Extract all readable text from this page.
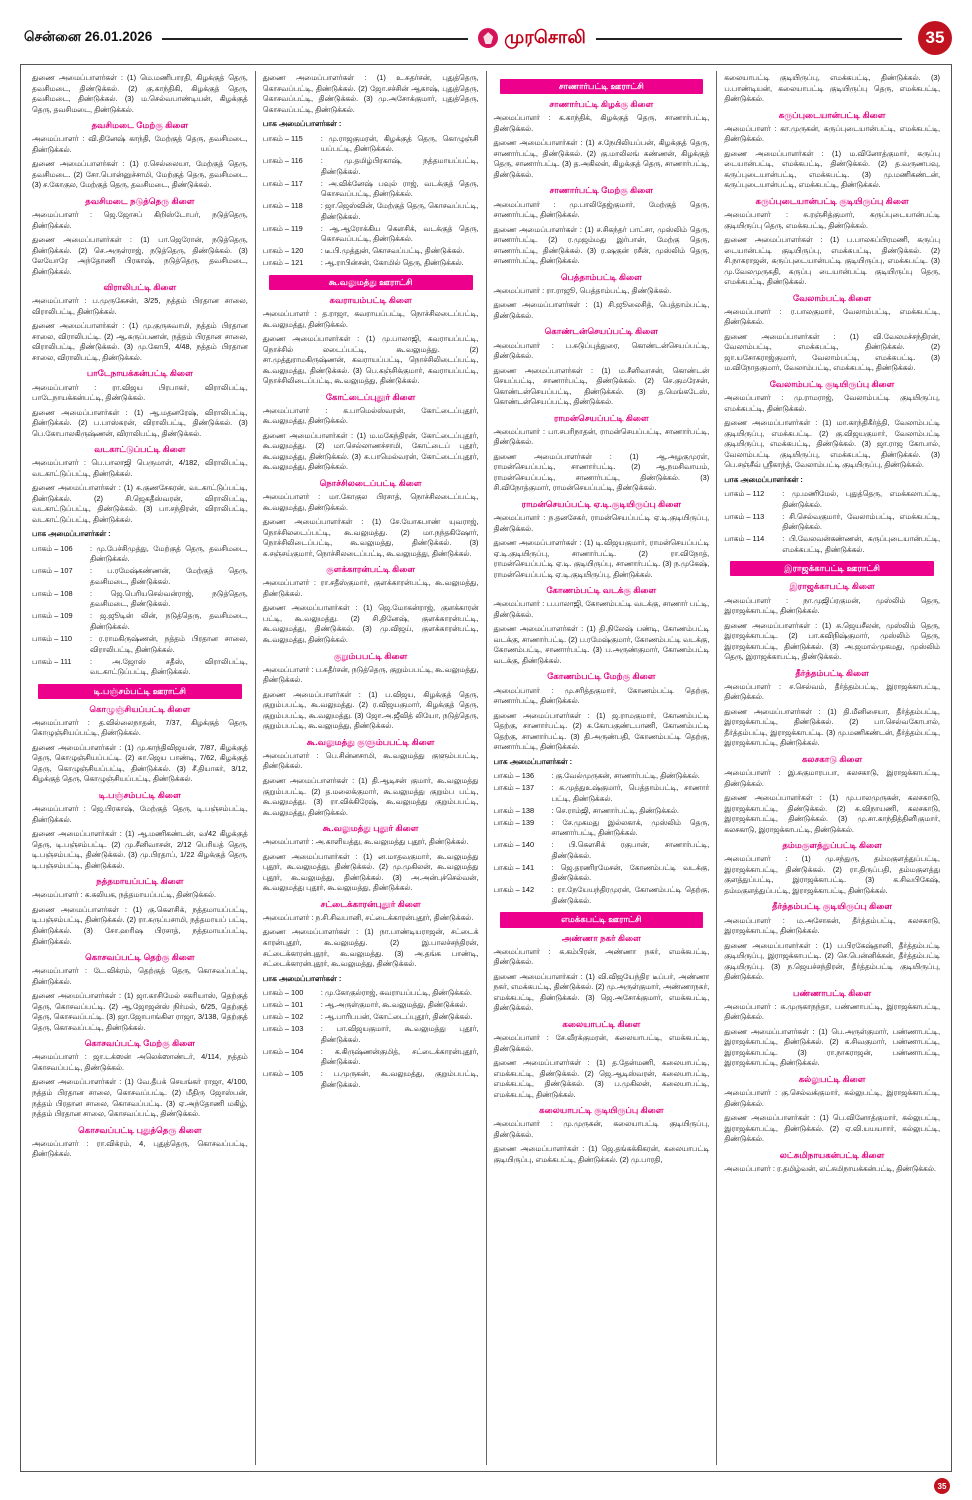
சென்னை 26.01.2026	முரசொலி	35
துணை அமைப்பாளர்கள் : (1) மெ.மணிபாரதி, கிழக்குத் தெரு, தவசிமடை, திண்டுக்கல். (2) கு.காந்திகி, கிழக்குத் தெரு, தவசிமடை, திண்டுக்கல். (3) ம.செல்வபாண்டியன், கிழக்குத் தெரு, தவசிமடை, திண்டுக்கல்.
தவசிமடை மேற்கு கிளை
அமைப்பாளர் : வி.தினேஷ் காந்தி, மேற்குத் தெரு, தவசிமடை, திண்டுக்கல்.
துணை அமைப்பாளர்கள் : (1) ர.செல்லையா, மேற்குத் தெரு, தவசிமடை. (2) சோ.பொன்னுச்சாமி, மேற்குத் தெரு, தவசிமடை. (3) ச.கோகுல, மேற்குத் தெரு, தவசிமடை, திண்டுக்கல்.
தவசிமடை நடுத்தெரு கிளை
அமைப்பாளர் : ஜெ.ஜோசப் கிறிஸ்டோபர், நடுத்தெரு, திண்டுக்கல்.
துணை அமைப்பாளர்கள் : (1) பா.ஜெரோன், நடுத்தெரு, திண்டுக்கல். (2) செ.அருள்ராஜ், நடுத்தெரு, திண்டுக்கல். (3) லேயோரே அந்தோணி பிரகாஷ், நடுத்தெரு, தவசிமடை, திண்டுக்கல்.
விராலிபட்டி கிளை
அமைப்பாளர் : ப.முருகேசன், 3/25, நத்தம் பிரதான சாலை, விராலிபட்டி, திண்டுக்கல்.
துணை அமைப்பாளர்கள் : (1) மு.குருசுவாமி, நத்தம் பிரதான சாலை, விராலிபட்டி. (2) ஆ.கருப்பணன், நத்தம் பிரதான சாலை, விராலிபட்டி, திண்டுக்கல். (3) மு.கோபி, 4/48, நத்தம் பிரதான சாலை, விராலிபட்டி, திண்டுக்கல்.
பாடேநாயக்கன்பட்டி கிளை
அமைப்பாளர் : ரா.விஜய பிரபாகர், விராலிபட்டி, பாடேநாயக்கன்பட்டி, திண்டுக்கல்.
துணை அமைப்பாளர்கள் : (1) ஆ.மதனரேஷ், விராலிபட்டி, திண்டுக்கல். (2) ப.பாஸ்கரன், விராலிபட்டி, திண்டுக்கல். (3) பெ.கோபாலகிருஷ்ணன், விராலிபட்டி, திண்டுக்கல்.
வடகாட்டுப்பட்டி கிளை
அமைப்பாளர் : பெ.பாலாஜி பெருமாள், 4/182, விராலிபட்டி, வடகாட்டுப்பட்டி, திண்டுக்கல்.
துணை அமைப்பாளர்கள் : (1) சு.குணசேகரன், வடகாட்டுப்பட்டி, திண்டுக்கல். (2) சி.ஜெகதீஸ்வரன், விராலிபட்டி, வடகாட்டுப்பட்டி, திண்டுக்கல். (3) பா.சந்திரன், விராலிபட்டி, வடகாட்டுப்பட்டி, திண்டுக்கல்.
பாக அமைப்பாளர்கள் :
பாகம் – 106	: மு.பேச்சிமுத்து, மேற்குத் தெரு, தவசிமடை, திண்டுக்கல்.
பாகம் – 107	: ப.ரமேஷ்கண்ணன், மேற்குத் தெரு, தவசிமடை, திண்டுக்கல்.
பாகம் – 108	: ஜெ.பெரியசெல்வன்ராஜ், நடுத்தெரு, தவசிமடை, திண்டுக்கல்.
பாகம் – 109	: ஜ.ஜூடின் லின், நடுத்தெரு, தவசிமடை, திண்டுக்கல்.
பாகம் – 110	: ர.ராமகிருஷ்ணன், நத்தம் பிரதான சாலை, விராலிபட்டி, திண்டுக்கல்.
பாகம் – 111	: அ.ஜோஸ் சதீஸ், விராலிபட்டி, வடகாட்டுப்பட்டி, திண்டுக்கல்.
டி.பஞ்சம்பட்டி ஊராட்சி
கொழுஞ்சியப்பட்டி கிளை
அமைப்பாளர் : த.வில்லைநாதன், 7/37, கிழக்குத் தெரு, கொழுஞ்சியப்பட்டி, திண்டுக்கல்.
துணை அமைப்பாளர்கள் : (1) மு.காந்திவிஜயன், 7/87, கிழக்குத் தெரு, கொழுஞ்சியப்பட்டி. (2) கா.ஜெய பாண்டி, 7/62, கிழக்குத் தெரு, கொழுஞ்சியப்பட்டி, திண்டுக்கல். (3) சீ.தியாகர், 3/12, கிழக்குத் தெரு, கொழுஞ்சியப்பட்டி, திண்டுக்கல்.
டி.பஞ்சம்பட்டி கிளை
அமைப்பாளர் : ஜெ.பிரகாஷ், மேற்குத் தெரு, டி.பஞ்சம்பட்டி, திண்டுக்கல்.
துணை அமைப்பாளர்கள் : (1) ஆ.மணிகண்டன், வ/42 கிழக்குத் தெரு, டி.பஞ்சம்பட்டி. (2) மு.சீனிவாசன், 2/12 பெரியத் தெரு, டி.பஞ்சம்பட்டி, திண்டுக்கல். (3) மு.பிரதாப், 1/22 கிழக்குத் தெரு, டி.பஞ்சம்பட்டி, திண்டுக்கல்.
நத்தமாயப்பட்டி கிளை
அமைப்பாளர் : க.கலியக, நத்தமாயப்பட்டி, திண்டுக்கல்.
துணை அமைப்பாளர்கள் : (1) கு.கௌசிக், நத்தமாயப்பட்டி, டி.பஞ்சம்பட்டி, திண்டுக்கல். (2) ரா.சுருப்பசாமி, நத்தமாயப் பட்டி, திண்டுக்கல். (3) சோ.ஹரிஷ பிரசாத், நத்தமாயப்பட்டி, திண்டுக்கல்.
கொசவப்பட்டி தெற்கு கிளை
அமைப்பாளர் : டே.விக்ரம், தெற்குத் தெரு, கொசவப்பட்டி, திண்டுக்கல்.
துணை அமைப்பாளர்கள் : (1) ஜா.காசிமேல் சகரியாஸ், தெற்குத் தெரு, கொசவப்பட்டி. (2) ஆ.ஜோஜன்ஸ் நிர்மல், 6/25, தெற்குத் தெரு, கொசவப்பட்டி. (3) ஜா.ஜோபாங்கிள ராஜா, 3/138, தெற்குத் தெரு, கொசவப்பட்டி, திண்டுக்கல்.
கொசவப்பட்டி மேற்கு கிளை
அமைப்பாளர் : ஜா.டக்ஸன் அலெக்ஸாண்டர், 4/114, நத்தம் கொசவப்பட்டி, திண்டுக்கல்.
துணை அமைப்பாளர்கள் : (1) வே.தீபக் செயங்கர் ராஜா, 4/100, நத்தம் பிரதான சாலை, கொசவப்பட்டி. (2) மீதிரு ஜோஸ்பன், நத்தம் பிரதான சாலை, கொசவப்பட்டி. (3) ஏ.அந்தோணி மகிழ், நத்தம் பிரதான சாலை, கொசவப்பட்டி, திண்டுக்கல்.
கொசவப்பட்டி புதுத்தெரு கிளை
அமைப்பாளர் : ரா.விக்ரம், 4, புதுத்தெரு, கொசவப்பட்டி, திண்டுக்கல்.
துணை அமைப்பாளர்கள் : (1) உ.சுதர்சன், புதுத்தெரு, கொசவப்பட்டி, திண்டுக்கல். (2) ஜோ.சச்சின் ஆகாஷ், புதுத்தெரு, கொசவப்பட்டி, திண்டுக்கல். (3) மு.அசோக்குமார், புதுத்தெரு, கொசவப்பட்டி, திண்டுக்கல்.
பாக அமைப்பாளர்கள் :
பாகம் – 115	: மு.ராஜகுமரன், கிழக்குத் தெரு, கொழுஞ்சி யப்பட்டி, திண்டுக்கல்.
பாகம் – 116	: மு.தமிழ்பிரகாஷ், நத்தமாயப்பட்டி, திண்டுக்கல்.
பாகம் – 117	: அ.விக்னேஷ் பவுல் ராஜ், வடக்குத் தெரு, கொசவப்பட்டி, திண்டுக்கல்.
பாகம் – 118	: ஜா.ஜெஸ்வின், மேற்குத் தெரு, கொசவப்பட்டி, திண்டுக்கல்.
பாகம் – 119	: ஆ.ஆரோக்கிய கௌசிக், வடக்குத் தெரு, கொசவப்பட்டி, திண்டுக்கல்.
பாகம் – 120	: டீ.பி.முத்துன், கொசவப்பட்டி, திண்டுக்கல்.
பாகம் – 121	: ஆ.ராபின்சன், கோமில் தெரு, திண்டுக்கல்.
கூ.வலுமத்து ஊராட்சி
கவராயம்பட்டி கிளை
அமைப்பாளர் : த.ராஜா, கவராயப்பட்டி, நொச்சிலடைப்பட்டி, கூ.வலுமத்து, திண்டுக்கல்.
துணை அமைப்பாளர்கள் : (1) மு.பாலாஜி, கவராயப்பட்டி, நொச்சில் லடைப்பட்டி, கூ.வலுமத்து. (2) சா.முத்துராமகிருஷ்ணன், கவராயப்பட்டி, நொச்சிலிடைப்பட்டி, கூ.வலுமத்து, திண்டுக்கல். (3) பெ.கஞ்சிக்குமார், கவராயப்பட்டி, நொச்சிலிடைப்பட்டி, கூ.வலுமத்து, திண்டுக்கல்.
கோட்டைப்புதூர் கிளை
அமைப்பாளர் : க.பாமெல்ஸ்வரன், கோட்டைப்புதூர், கூ.வலுமத்து, திண்டுக்கல்.
துணை அமைப்பாளர்கள் : (1) ம.மகேந்திரன், கோட்டைப்புதூர், கூ.வலுமத்து. (2) மா.செல்லாணச்சாமி, கோட்டைப் புதூர், கூ.வலுமத்து, திண்டுக்கல். (3) சு.பாமெல்வரன், கோட்டைப்புதூர், கூ.வலுமத்து, திண்டுக்கல்.
நொச்சிலடைப்பட்டி கிளை
அமைப்பாளர் : மா.கோகுல பிரசாத், நொச்சிலடைப்பட்டி, கூ.வலுமத்து, திண்டுக்கல்.
துணை அமைப்பாளர்கள் : (1) சே.யோகபாண் யுவராஜ், நொச்சிலடைப்பட்டி, கூ.வலுமத்து. (2) மா.நந்தகிஷோர், நொச்சிலிடைப்பட்டி, கூ.வலுமத்து, திண்டுக்கல். (3) க.சஞ்சய்குமார், நொச்சிலடைப்பட்டி, கூ.வலுமத்து, திண்டுக்கல்.
குளக்காரன்பட்டி கிளை
அமைப்பாளர் : ரா.சதீஸ்குமார், குளக்காரன்பட்டி, கூ.வலுமத்து, திண்டுக்கல்.
துணை அமைப்பாளர்கள் : (1) ஜெ.மோகன்ராஜ், குளக்காரன் பட்டி, கூ.வலுமத்து. (2) சி.தினேஷ், குளக்காரன்பட்டி, கூ.வலுமத்து, திண்டுக்கல். (3) மு.விஜய், குளக்காரன்பட்டி, கூ.வலுமத்து, திண்டுக்கல்.
குறும்பபட்டி கிளை
அமைப்பாளர் : ப.சுதீர்சன், நடுத்தெரு, குறும்பபட்டி, கூ.வலுமத்து, திண்டுக்கல்.
துணை அமைப்பாளர்கள் : (1) ப.விஜய, கிழக்குத் தெரு, குறும்பபட்டி, கூ.வலுமத்து. (2) ர.விஜயகுமார், கிழக்குத் தெரு, குறும்பபட்டி, கூ.வலுமத்து. (3) ஜோ.அ.ஜீவித் லியோ, நடுத்தெரு, குறும்பபட்டி, கூ.வலுமத்து, திண்டுக்கல்.
கூ.வலுமத்து குளும்பபட்டி கிளை
அமைப்பாளர் : பெ.சின்னசாமி, கூ.வலுமத்து குளும்பபட்டி, திண்டுக்கல்.
துணை அமைப்பாளர்கள் : (1) தி.ஆடிசன் குமார், கூ.வலுமத்து குறும்பபட்டி. (2) த.மலைக்குமார், கூ.வலுமத்து குறும்ப பட்டி, கூ.வலுமத்து. (3) ரா.விக்கிரேஷ், கூ.வலுமத்து குறும்பபட்டி, கூ.வலுமத்து, திண்டுக்கல்.
கூ.வலுமத்து புதூர் கிளை
அமைப்பாளர் : அ.காளியத்து, கூ.வலுமத்து புதூர், திண்டுக்கல்.
துணை அமைப்பாளர்கள் : (1) ன.மாதவகுமார், கூ.வலுமத்து புதூர், கூ.வலுமத்து, திண்டுக்கல். (2) மு.முகிலன், கூ.வலுமத்து புதூர், கூ.வலுமத்து, திண்டுக்கல். (3) அ.அன்புச்செல்வன், கூ.வலுமத்து புதூர், கூ.வலுமத்து, திண்டுக்கல்.
சட்டைக்காரன்புதூர் கிளை
அமைப்பாளர் : ந.சி.சிவபானி, சட்டைக்காரன்புதூர், திண்டுக்கல்.
துணை அமைப்பாளர்கள் : (1) நா.பாண்டியராஜன், சட்டைக் காரன்புதூர், கூ.வலுமத்து. (2) இ.பாலச்சந்திரன், சட்டைக்காரன்புதூர், கூ.வலுமத்து. (3) அ.தங்க பாண்டி, சட்டைக்காரன்புதூர், கூ.வலுமத்து, திண்டுக்கல்.
பாக அமைப்பாளர்கள் :
பாகம் – 100	: மு.கோகுல்ராஜ், கவராயப்பட்டி, திண்டுக்கல்.
பாகம் – 101	: ஆ.அருள்குமார், கூ.வலுமத்து, திண்டுக்கல்.
பாகம் – 102	: ஆ.பாரிபபன், கோட்டைப்புதூர், திண்டுக்கல்.
பாகம் – 103	: பா.விஜயகுமார், கூ.வலுமத்து புதூர், திண்டுக்கல்.
பாகம் – 104	: க.கிருஷ்ணன்குமித், சட்டைக்காரன்புதூர், திண்டுக்கல்.
பாகம் – 105	: ப.முருகன், கூ.வலுமத்து, குறும்பபட்டி, திண்டுக்கல்.
சாணார்பட்டி ஊராட்சி
சாணார்பட்டி கிழக்கு கிளை
அமைப்பாளர் : க.காந்திக், கிழக்குத் தெரு, சாணார்பட்டி, திண்டுக்கல்.
துணை அமைப்பாளர்கள் : (1) ச.நேயிலியப்பன், கிழக்குத் தெரு, சாணார்பட்டி, திண்டுக்கல். (2) கு.மாலிலங் கண்ணன், கிழக்குத் தெரு, சாணார்பட்டி. (3) த.அகிலன், கிழக்குத் தெரு, சாணார்பட்டி, திண்டுக்கல்.
சாணார்பட்டி மேற்கு கிளை
அமைப்பாளர் : மு.பாலிதேஜ்குமார், மேற்குத் தெரு, சாணார்பட்டி, திண்டுக்கல்.
துணை அமைப்பாளர்கள் : (1) ச.சிகந்தர் பாட்சா, முஸ்லிம் தெரு, சாணார்பட்டி. (2) ர.முஜம்மது இர்பான், மேற்கு தெரு, சாணார்பட்டி, திண்டுக்கல். (3) ர.ஷகுன் ரசீன், முஸ்லிம் தெரு, சாணார்பட்டி, திண்டுக்கல்.
பெத்தாம்பட்டி கிளை
அமைப்பாளர் : ரா.ராஜூ, பெத்தாம்பட்டி, திண்டுக்கல்.
துணை அமைப்பாளர்கள் : (1) சி.ஜூலைசித், பெத்தாம்பட்டி, திண்டுக்கல்.
கொண்டன்செயப்பட்டி கிளை
அமைப்பாளர் : ப.சுடுப்புத்துரை, கொண்டன்செயப்பட்டி, திண்டுக்கல்.
துணை அமைப்பாளர்கள் : (1) ம.சீனிவாசன், கொண்டன் செயப்பட்டி, சாணார்பட்டி, திண்டுக்கல். (2) செ.குமரேசன், கொண்டன்செயப்பட்டி, திண்டுக்கல். (3) த.மெங்கடேஸ், கொண்டன்செயப்பட்டி, திண்டுக்கல்.
ராமன்செயப்பட்டி கிளை
அமைப்பாளர் : பா.சபரிநாதன், ராமன்செயப்பட்டி, சாணார்பட்டி, திண்டுக்கல்.
துணை அமைப்பாளர்கள் : (1) ஆ.அழகுமுரள், ராமன்செயப்பட்டி, சாணார்பட்டி. (2) ஆ.நமசிவாயம், ராமன்செயப்பட்டி, சாணார்பட்டி, திண்டுக்கல். (3) சி.விநோத்குமார், ராமன்செயப்பட்டி, திண்டுக்கல்.
ராமன்செயப்பட்டி ஏ.டி.குடியிருப்பு கிளை
அமைப்பாளர் : ந.தனசேகர், ராமன்செயப்பட்டி ஏ.டி.குடியிருப்பு, திண்டுக்கல்.
துணை அமைப்பாளர்கள் : (1) டி.விஜயகுமார், ராமன்செயப்பட்டி ஏ.டி.குடியிருப்பு, சாணார்பட்டி. (2) ரா.விநோத், ராமன்செயப்பட்டி ஏ.டி. குடியிருப்பு, சாணார்பட்டி. (3) ந.முகேஷ், ராமன்செயப்பட்டி ஏ.டி.குடியிருப்பு, திண்டுக்கல்.
கோணம்பட்டி வடக்கு கிளை
அமைப்பாளர் : ப.பாலாஜி, கோணம்பட்டி வடக்கு, சாணார் பட்டி, திண்டுக்கல்.
துணை அமைப்பாளர்கள் : (1) தி.நிலேஷ் பண்டி, கோணம்பட்டி வடக்கு, சாணார்பட்டி. (2) ப.ரமேஷ்குமார், கோணம்பட்டி வடக்கு, கோணம்பட்டி, சாணார்பட்டி. (3) ப.அருண்குமார், கோணம்பட்டி வடக்கு, திண்டுக்கல்.
கோணம்பட்டி மேற்கு கிளை
அமைப்பாளர் : மு.சரித்தகுமார், கோணம்பட்டி தெற்கு, சாணார்பட்டி, திண்டுக்கல்.
துணை அமைப்பாளர்கள் : (1) ஜ.ராமகுமார், கோணம்பட்டி தெற்கு, சாணார்பட்டி. (2) சு.கோபகுண்டபாணி, கோணம்பட்டி தெற்கு, சாணார்பட்டி. (3) தி.அருண்பதி, கோணம்பட்டி தெற்கு, சாணார்பட்டி, திண்டுக்கல்.
பாக அமைப்பாளர்கள் :
பாகம் – 136	: கு.வேல்முருகன், சாணார்பட்டி, திண்டுக்கல்.
பாகம் – 137	: க.முத்துஉஷ்குமார், பெத்தாம்பட்டி, சாணார் பட்டி, திண்டுக்கல்.
பாகம் – 138	: செ.ராம்ஜி, சாணார்பட்டி, திண்டுக்கல்.
பாகம் – 139	: சே.முகமது இல்லகாக், முஸ்லிம் தெரு, சாணார்பட்டி, திண்டுக்கல்.
பாகம் – 140	: பி.கௌசிக் ரகுபான், சாணார்பட்டி, திண்டுக்கல்.
பாகம் – 141	: ஜெ.தரணிரமேசன், கோணம்பட்டி வடக்கு, திண்டுக்கல்.
பாகம் – 142	: ரா.நேயேயந்திரமுரன், கோணம்பட்டி தெற்கு, திண்டுக்கல்.
எமக்கபட்டி ஊராட்சி
அண்ணா நகர் கிளை
அமைப்பாளர் : க.கம்பிரன், அண்ணா நகர், எமக்கபட்டி, திண்டுக்கல்.
துணை அமைப்பாளர்கள் : (1) வி.விஜயேந்திர டீப்பர், அண்ணா நகர், எமக்கபட்டி, திண்டுக்கல். (2) மு.அருள்குமார், அண்ணாநகர், எமக்கபட்டி, திண்டுக்கல். (3) ஜெ.அசோக்குமார், எமக்கபட்டி, திண்டுக்கல்.
கலையாபட்டி கிளை
அமைப்பாளர் : சே.வீரக்குமரன், கலையாபட்டி, எமக்கபட்டி, திண்டுக்கல்.
துணை அமைப்பாளர்கள் : (1) த.தேன்மணி, கலையாபட்டி, எமக்கபட்டி, திண்டுக்கல். (2) ஜெ.ஆடிஸ்வரன், கலையாபட்டி, எமக்கபட்டி, திண்டுக்கல். (3) ப.முகிலன், கலையாபட்டி, எமக்கபட்டி, திண்டுக்கல்.
கலையாபட்டி குடியிருப்பு கிளை
அமைப்பாளர் : மு.முருகன், கலையாபட்டி குடியிருப்பு, திண்டுக்கல்.
துணை அமைப்பாளர்கள் : (1) ஜெ.தங்கக்கிகரன், கலையாபட்டி குடியிருப்பு, எமக்கபட்டி, திண்டுக்கல். (2) மு.பாரதி,
கலையாபட்டி குடியிருப்பு, எமக்கபட்டி, திண்டுக்கல். (3) ப.பாண்டியன், கலையாபட்டி குடியிருப்பு தெரு, எமக்கபட்டி, திண்டுக்கல்.
கருப்புடையான்பட்டி கிளை
அமைப்பாளர் : கா.முருகன், கருப்புடையான்பட்டி, எமக்கபட்டி, திண்டுக்கல்.
துணை அமைப்பாளர்கள் : (1) ம.வினோத்குமார், கருப்பு டையான்பட்டி, எமக்கபட்டி, திண்டுக்கல். (2) த.வருணபவு, கருப்புடையான்பட்டி, எமக்கபட்டி. (3) மு.மணிகண்டன், கருப்புடையான்பட்டி, எமக்கபட்டி, திண்டுக்கல்.
கருப்புடையான்பட்டி குடியிருப்பு கிளை
அமைப்பாளர் : சு.ரஞ்சித்குமார், கருப்புடையான்பட்டி குடியிருப்பு தெரு, எமக்கபட்டி, திண்டுக்கல்.
துணை அமைப்பாளர்கள் : (1) ப.பாலசுப்பிரமணி, கருப்பு டையான்பட்டி குடியிருப்பு, எமக்கபட்டி, திண்டுக்கல். (2) சி.நாகராஜன், கருப்புடையான்பட்டி குடியிருப்பு, எமக்கபட்டி. (3) மு.வேலமுருகதி, கருப்பு டையான்பட்டி குடியிருப்பு தெரு, எமக்கபட்டி, திண்டுக்கல்.
வேலாம்பட்டி கிளை
அமைப்பாளர் : ர.பாலகுமார், வேலாம்பட்டி, எமக்கபட்டி, திண்டுக்கல்.
துணை அமைப்பாளர்கள் : (1) வி.வேலமச்சந்திரன், வேலாம்பட்டி, எமக்கபட்டி, திண்டுக்கல். (2) ஜா.யசோகராஜ்குமார், வேலாம்பட்டி, எமக்கபட்டி. (3) ம.விநோதகுமார், வேலாம்பட்டி, எமக்கபட்டி, திண்டுக்கல்.
வேலாம்பட்டி குடியிருப்பு கிளை
அமைப்பாளர் : மு.ராமராஜ், வேலாம்பட்டி குடியிருப்பு, எமக்கபட்டி, திண்டுக்கல்.
துணை அமைப்பாளர்கள் : (1) மா.காந்திகீர்த்தி, வேலாம்பட்டி குடியிருப்பு, எமக்கபட்டி. (2) கு.விஜயகுமார், வேலாம்பட்டி குடியிருப்பு, எமக்கபட்டி, திண்டுக்கல். (3) ஜா.ராஜ கோபால், வேலாம்பட்டி குடியிருப்பு, எமக்கபட்டி, திண்டுக்கல். (3) பெ.சஞ்சீவ் ஸ்ரீகாந்த், வேலாம்பட்டி குடியிருப்பு, திண்டுக்கல்.
பாக அமைப்பாளர்கள் :
பாகம் – 112	: மு.மணிமேல், புதுத்தெரு, எமக்கலாபட்டி, திண்டுக்கல்.
பாகம் – 113	: சி.செல்வகுமார், வேலாம்பட்டி, எமக்கபட்டி, திண்டுக்கல்.
பாகம் – 114	: பி.வேலவன்கண்ணன், கருப்புடையான்பட்டி, எமக்கபட்டி, திண்டுக்கல்.
இராஜக்காபட்டி ஊராட்சி
இராஜக்காபட்டி கிளை
அமைப்பாளர் : நா.முஜிப்ரகுமன், முஸ்லிம் தெரு, இராஜக்காபட்டி, திண்டுக்கல்.
துணை அமைப்பாளர்கள் : (1) சு.ஜெயசீலன், முஸ்லிம் தெரு, இராஜக்காபட்டி. (2) பா.கவிநிஷ்குமார், முஸ்லிம் தெரு, இராஜக்காபட்டி, திண்டுக்கல். (3) அ.ஜமால்முகமது, முஸ்லிம் தெரு, இராஜக்காபட்டி, திண்டுக்கல்.
தீர்த்தம்பட்டி கிளை
அமைப்பாளர் : ச.செல்வம், தீர்த்தம்பட்டி, இராஜக்காபட்டி, திண்டுக்கல்.
துணை அமைப்பாளர்கள் : (1) தி.மீனிசையா, தீர்த்தம்பட்டி, இராஜக்காபட்டி, திண்டுக்கல். (2) பா.செல்வகோபால், தீர்த்தம்பட்டி, இராஜக்காபட்டி. (3) மு.மணிகண்டன், தீர்த்தம்பட்டி, இராஜக்காபட்டி, திண்டுக்கல்.
கலசகாடு கிளை
அமைப்பாளர் : இ.சுகுமாரபபா, கலசகாடு, இராஜக்காபட்டி, திண்டுக்கல்.
துணை அமைப்பாளர்கள் : (1) மு.பாலமுருகன், கலசகாடு, இராஜக்காபட்டி, திண்டுக்கல். (2) சு.விநாயணி, கலசகாடு, இராஜக்காபட்டி, திண்டுக்கல். (3) மு.சா.காந்தித்தினி்குமார், கலசகாடு, இராஜக்காபட்டி, திண்டுக்கல்.
தம்மகுளத்துப்பட்டி கிளை
அமைப்பாளர் : (1) மு.சந்துரு, தம்மகுளத்துப்பட்டி, இராஜக்காபட்டி, திண்டுக்கல். (2) ரா.திருப்பதி, தம்மகுளத்து குளத்துப்பட்டி, இராஜக்காபட்டி. (3) க.சிவபிகேஷ், தம்மகுளத்துப்பட்டி, இராஜக்காபட்டி, திண்டுக்கல்.
தீர்த்தம்பட்டி குடியிருப்பு கிளை
அமைப்பாளர் : ம.அசோகன், தீர்த்தம்பட்டி, கலசகாடு, இராஜக்காபட்டி, திண்டுக்கல்.
துணை அமைப்பாளர்கள் : (1) ப.பிரகேஷ்தானி, தீர்த்தம்பட்டி குடியிருப்பு, இராஜக்காபட்டி. (2) செ.பென்னிக்கன், தீர்த்தம்பட்டி குடியிருப்பு. (3) ந.ஜெயச்சந்திரன், தீர்த்தம்பட்டி குடியிருப்பு, திண்டுக்கல்.
பண்ணாபட்டி கிளை
அமைப்பாளர் : சு.முருகாநந்தா, பண்ணாபட்டி, இராஜக்காபட்டி, திண்டுக்கல்.
துணை அமைப்பாளர்கள் : (1) பெ.அருள்குமார், பண்ணாபட்டி, இராஜக்காபட்டி, திண்டுக்கல். (2) க.சிவகுமார், பண்ணாபட்டி, இராஜக்காபட்டி. (3) ரா.நாகராஜன், பண்ணாபட்டி, இராஜக்காபட்டி, திண்டுக்கல்.
கல்லுபட்டி கிளை
அமைப்பாளர் : கு.செல்வக்குமார், கல்லுபட்டி, இராஜக்காபட்டி, திண்டுக்கல்.
துணை அமைப்பாளர்கள் : (1) பெ.வினோத்குமார், கல்லுபட்டி, இராஜக்காபட்டி, திண்டுக்கல். (2) ஏ.வி.யயயாார், கல்லுபட்டி, திண்டுக்கல்.
லட்சுமிநாயகன்பட்டி கிளை
அமைப்பாளர் : ர.தமிழ்வன், லட்சுமிநாயக்கன்பட்டி, திண்டுக்கல்.
35
